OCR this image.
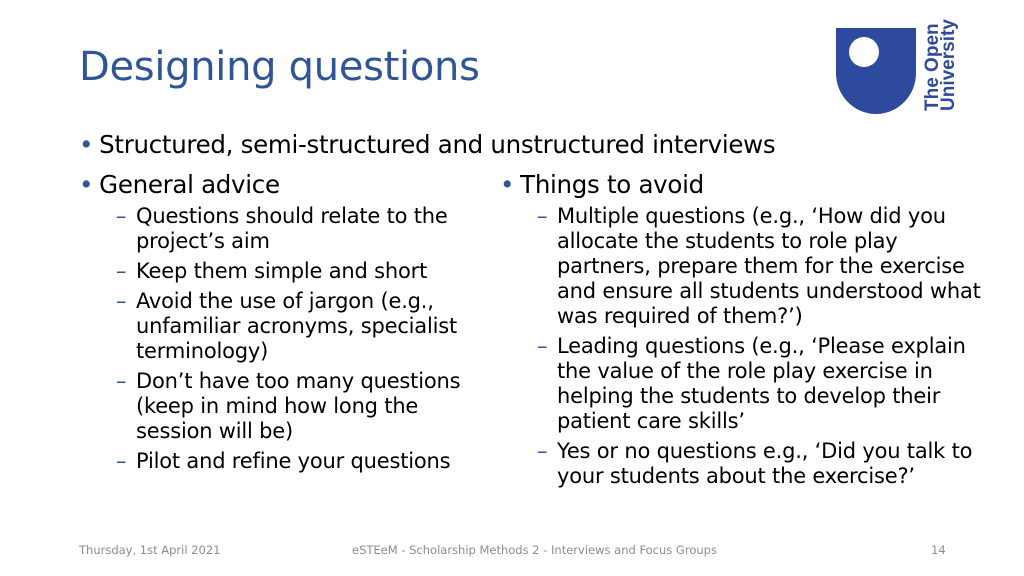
Designing questions	The Open
University
• Structured, semi-structured and unstructured interviews
• General advice	• Things to avoid
– Questions should relate to the
project’s aim
– Keep them simple and short
– Avoid the use of jargon (e.g.,
unfamiliar acronyms, specialist
terminology)
– Don’t have too many questions
(keep in mind how long the
session will be)
– Pilot and refine your questions
– Multiple questions (e.g., ‘How did you
allocate the students to role play
partners, prepare them for the exercise
and ensure all students understood what
was required of them?’)
– Leading questions (e.g., ‘Please explain
the value of the role play exercise in
helping the students to develop their
patient care skills’
– Yes or no questions e.g., ‘Did you talk to
your students about the exercise?’
Thursday, 1st April 2021	eSTEeM - Scholarship Methods 2 - Interviews and Focus Groups	14
